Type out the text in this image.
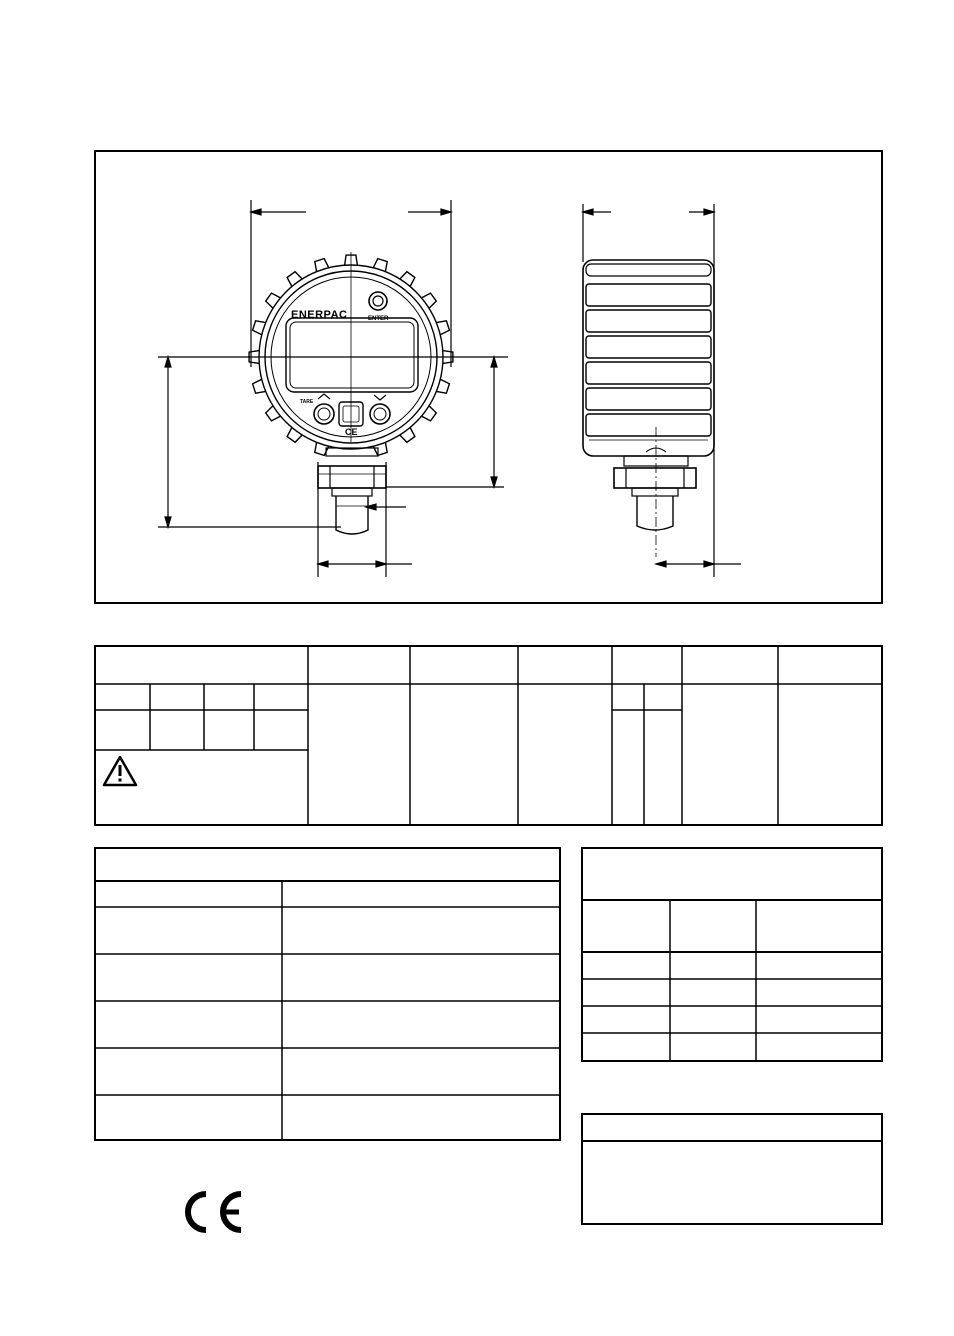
ENERPAC	ENTER
TARE
CE
